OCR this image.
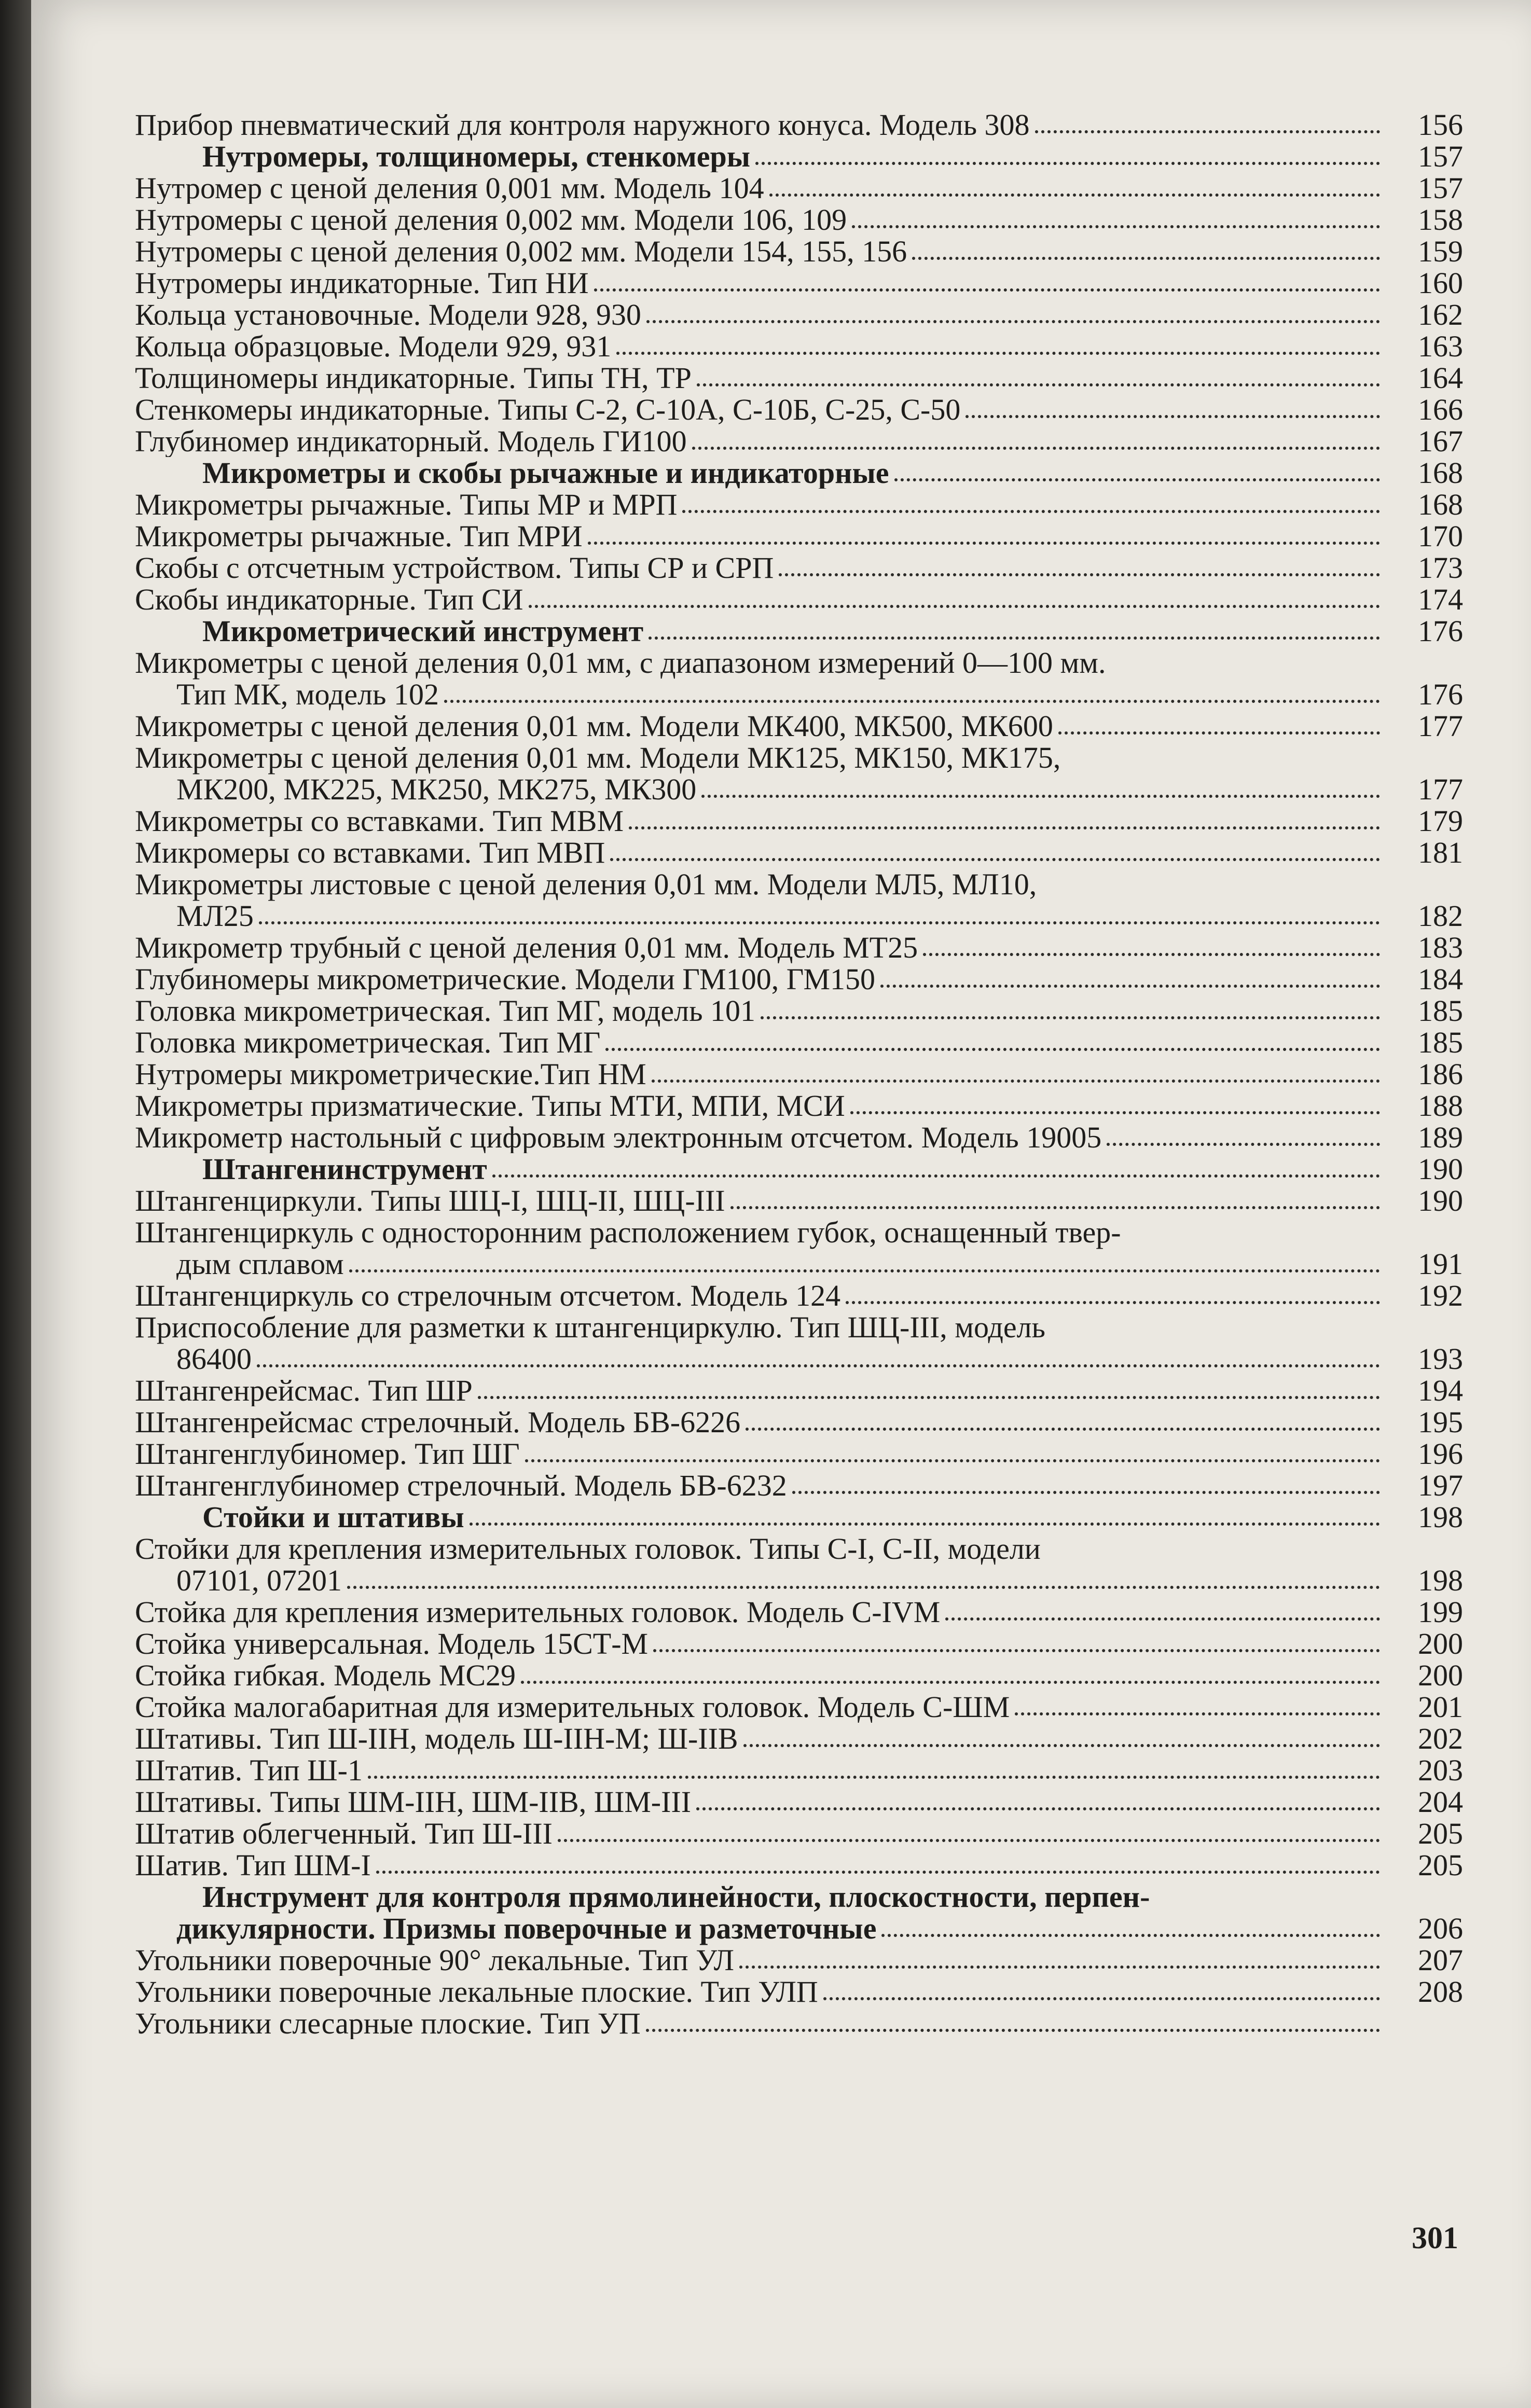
Прибор пневматический для контроля наружного конуса. Модель 308	156
Нутромеры, толщиномеры, стенкомеры	157
Нутромер с ценой деления 0,001 мм. Модель 104	157
Нутромеры с ценой деления 0,002 мм. Модели 106, 109	158
Нутромеры с ценой деления 0,002 мм. Модели 154, 155, 156	159
Нутромеры индикаторные. Тип НИ	160
Кольца установочные. Модели 928, 930	162
Кольца образцовые. Модели 929, 931	163
Толщиномеры индикаторные. Типы ТН, ТР	164
Стенкомеры индикаторные. Типы С-2, С-10А, С-10Б, С-25, С-50	166
Глубиномер индикаторный. Модель ГИ100	167
Микрометры и скобы рычажные и индикаторные	168
Микрометры рычажные. Типы МР и МРП	168
Микрометры рычажные. Тип МРИ	170
Скобы с отсчетным устройством. Типы СР и СРП	173
Скобы индикаторные. Тип СИ	174
Микрометрический инструмент	176
Микрометры с ценой деления 0,01 мм, с диапазоном измерений 0—100 мм.
Тип МК, модель 102	176
Микрометры с ценой деления 0,01 мм. Модели МК400, МК500, МК600	177
Микрометры с ценой деления 0,01 мм. Модели МК125, МК150, МК175,
МК200, МК225, МК250, МК275, МК300	177
Микрометры со вставками. Тип МВМ	179
Микромеры со вставками. Тип МВП	181
Микрометры листовые с ценой деления 0,01 мм. Модели МЛ5, МЛ10,
МЛ25	182
Микрометр трубный с ценой деления 0,01 мм. Модель МТ25	183
Глубиномеры микрометрические. Модели ГМ100, ГМ150	184
Головка микрометрическая. Тип МГ, модель 101	185
Головка микрометрическая. Тип МГ	185
Нутромеры микрометрические.Тип НМ	186
Микрометры призматические. Типы МТИ, МПИ, МСИ	188
Микрометр настольный с цифровым электронным отсчетом. Модель 19005	189
Штангенинструмент	190
Штангенциркули. Типы ШЦ-I, ШЦ-II, ШЦ-III	190
Штангенциркуль с односторонним расположением губок, оснащенный твер-
дым сплавом	191
Штангенциркуль со стрелочным отсчетом. Модель 124	192
Приспособление для разметки к штангенциркулю. Тип ШЦ-III, модель
86400	193
Штангенрейсмас. Тип ШР	194
Штангенрейсмас стрелочный. Модель БВ-6226	195
Штангенглубиномер. Тип ШГ	196
Штангенглубиномер стрелочный. Модель БВ-6232	197
Стойки и штативы	198
Стойки для крепления измерительных головок. Типы С-I, С-II, модели
07101, 07201	198
Стойка для крепления измерительных головок. Модель С-IVМ	199
Стойка универсальная. Модель 15СТ-М	200
Стойка гибкая. Модель МС29	200
Стойка малогабаритная для измерительных головок. Модель С-ШМ	201
Штативы. Тип Ш-IIН, модель Ш-IIН-М; Ш-IIВ	202
Штатив. Тип Ш-1	203
Штативы. Типы ШМ-IIН, ШМ-IIВ, ШМ-III	204
Штатив облегченный. Тип Ш-III	205
Шатив. Тип ШМ-I	205
Инструмент для контроля прямолинейности, плоскостности, перпен-
дикулярности. Призмы поверочные и разметочные	206
Угольники поверочные 90° лекальные. Тип УЛ	207
Угольники поверочные лекальные плоские. Тип УЛП	208
Угольники слесарные плоские. Тип УП
301
